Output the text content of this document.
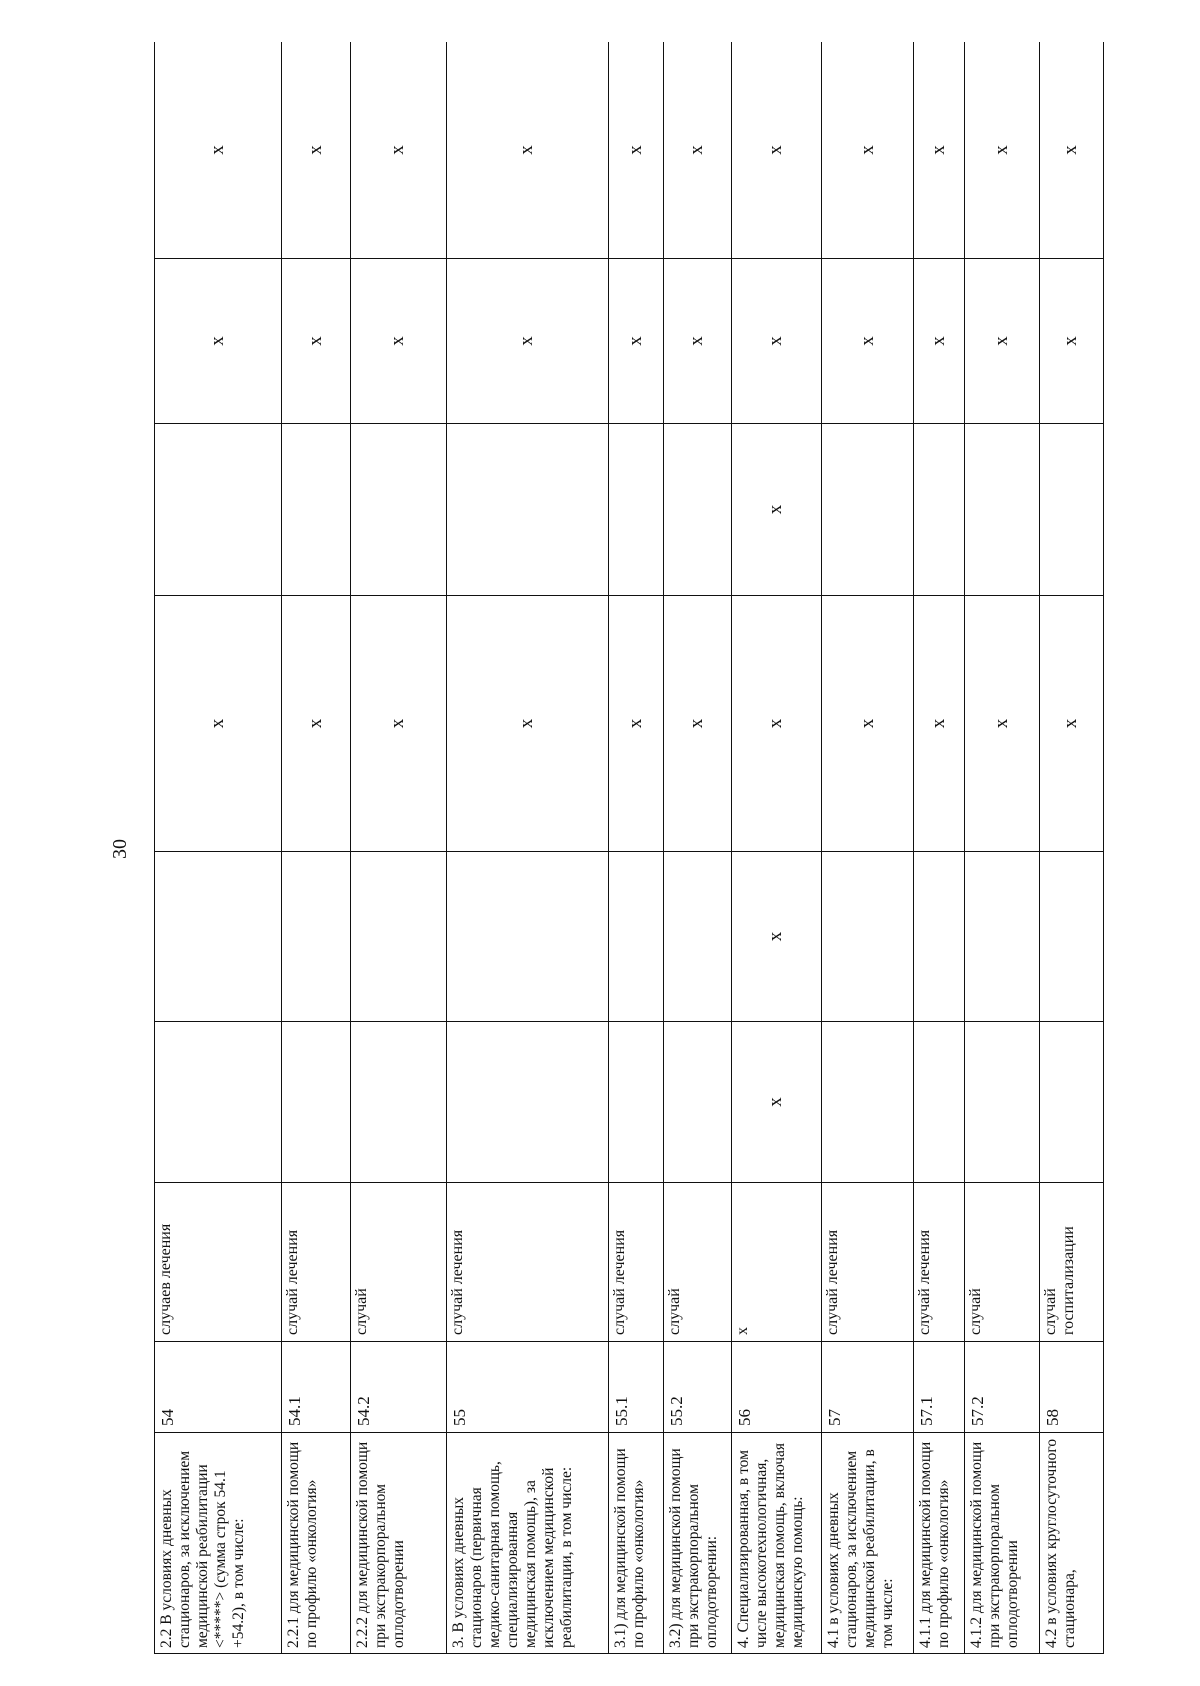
30
2.2 В условиях дневных стационаров, за исключением медицинской реабилитации <*****> (сумма строк 54.1 +54.2), в том числе:	54	случаев лечения			x		x	x
2.2.1 для медицинской помощи по профилю «онкология»	54.1	случай лечения			x		x	x
2.2.2 для медицинской помощи при экстракорпоральном оплодотворении	54.2	случай			x		x	x
3. В условиях дневных стационаров (первичная медико-санитарная помощь, специализированная медицинская помощь), за исключением медицинской реабилитации, в том числе:	55	случай лечения			x		x	x
3.1) для медицинской помощи по профилю «онкология»	55.1	случай лечения			x		x	x
3.2) для медицинской помощи при экстракорпоральном оплодотворении:	55.2	случай			x		x	x
4. Специализированная, в том числе высокотехнологичная, медицинская помощь, включая медицинскую помощь:	56	x	x	x	x	x	x	x
4.1 в условиях дневных стационаров, за исключением медицинской реабилитации, в том числе:	57	случай лечения			x		x	x
4.1.1 для медицинской помощи по профилю «онкология»	57.1	случай лечения			x		x	x
4.1.2 для медицинской помощи при экстракорпоральном оплодотворении	57.2	случай			x		x	x
4.2 в условиях круглосуточного стационара,	58	случай госпитализации			x		x	x
